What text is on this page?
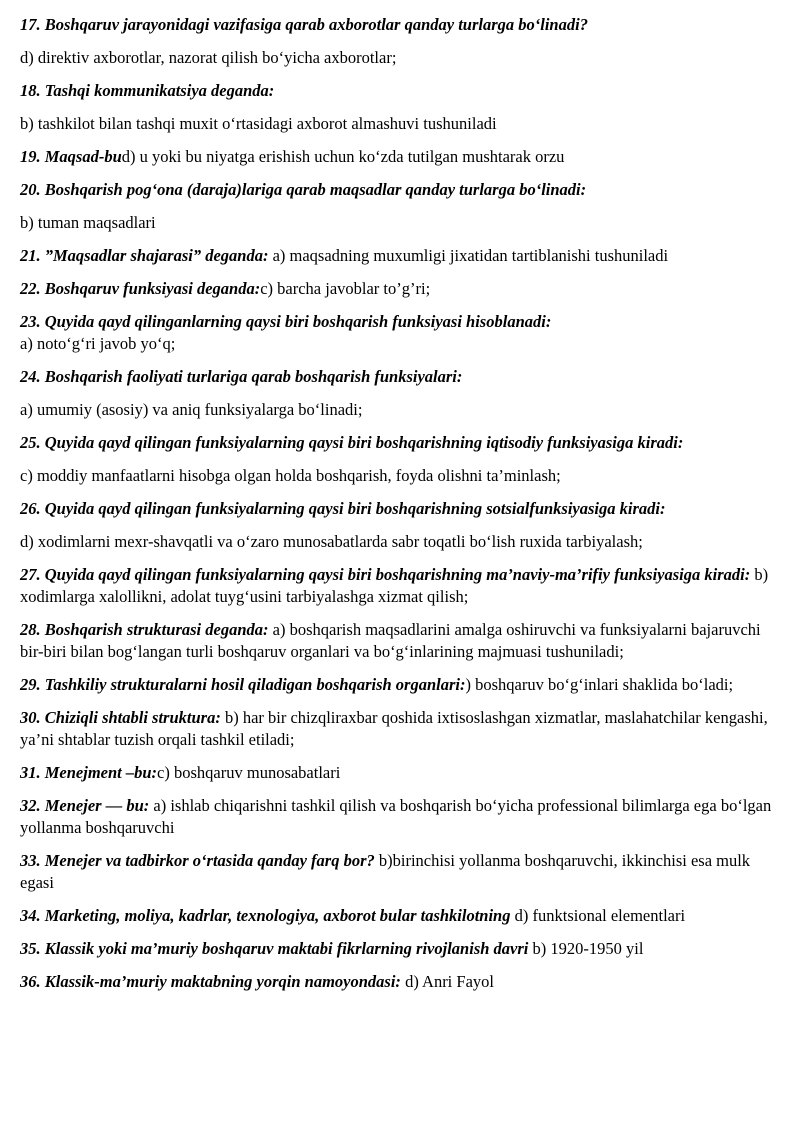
17. Boshqaruv jarayonidagi vazifasiga qarab axborotlar qanday turlarga bo‘linadi?

d) direktiv axborotlar, nazorat qilish bo‘yicha axborotlar;

18. Tashqi kommunikatsiya deganda:

b) tashkilot bilan tashqi muxit o‘rtasidagi axborot almashuvi tushuniladi

19. Maqsad-bud) u yoki bu niyatga erishish uchun ko‘zda tutilgan mushtarak orzu

20. Boshqarish pog‘ona (daraja)lariga qarab maqsadlar qanday turlarga bo‘linadi:

b) tuman maqsadlari

21. ”Maqsadlar shajarasi” deganda: a) maqsadning muxumligi jixatidan tartiblanishi tushuniladi

22. Boshqaruv funksiyasi deganda:c) barcha javoblar to’g’ri;

23. Quyida qayd qilinganlarning qaysi biri boshqarish funksiyasi hisoblanadi:
a) noto‘g‘ri javob yo‘q;

24. Boshqarish faoliyati turlariga qarab boshqarish funksiyalari:

a) umumiy (asosiy) va aniq funksiyalarga bo‘linadi;

25. Quyida qayd qilingan funksiyalarning qaysi biri boshqarishning iqtisodiy funksiyasiga kiradi:

c) moddiy manfaatlarni hisobga olgan holda boshqarish, foyda olishni ta’minlash;

26. Quyida qayd qilingan funksiyalarning qaysi biri boshqarishning sotsialfunksiyasiga kiradi:

d) xodimlarni mexr-shavqatli va o‘zaro munosabatlarda sabr toqatli bo‘lish ruxida tarbiyalash;

27. Quyida qayd qilingan funksiyalarning qaysi biri boshqarishning ma’naviy-ma’rifiy funksiyasiga kiradi: b) xodimlarga xalollikni, adolat tuyg‘usini tarbiyalashga xizmat qilish;

28. Boshqarish strukturasi deganda: a) boshqarish maqsadlarini amalga oshiruvchi va funksiyalarni bajaruvchi bir-biri bilan bog‘langan turli boshqaruv organlari va bo‘g‘inlarining majmuasi tushuniladi;

29. Tashkiliy strukturalarni hosil qiladigan boshqarish organlari:) boshqaruv bo‘g‘inlari shaklida bo‘ladi;

30. Chiziqli shtabli struktura: b) har bir chizqliraxbar qoshida ixtisoslashgan xizmatlar, maslahatchilar kengashi, ya’ni shtablar tuzish orqali tashkil etiladi;

31. Menejment –bu:c) boshqaruv munosabatlari

32. Menejer — bu: a) ishlab chiqarishni tashkil qilish va boshqarish bo‘yicha professional bilimlarga ega bo‘lgan yollanma boshqaruvchi

33. Menejer va tadbirkor o‘rtasida qanday farq bor? b)birinchisi yollanma boshqaruvchi, ikkinchisi esa mulk egasi

34. Marketing, moliya, kadrlar, texnologiya, axborot bular tashkilotning d) funktsional elementlari

35. Klassik yoki ma’muriy boshqaruv maktabi fikrlarning rivojlanish davri b) 1920-1950 yil

36. Klassik-ma’muriy maktabning yorqin namoyondasi: d) Anri Fayol
